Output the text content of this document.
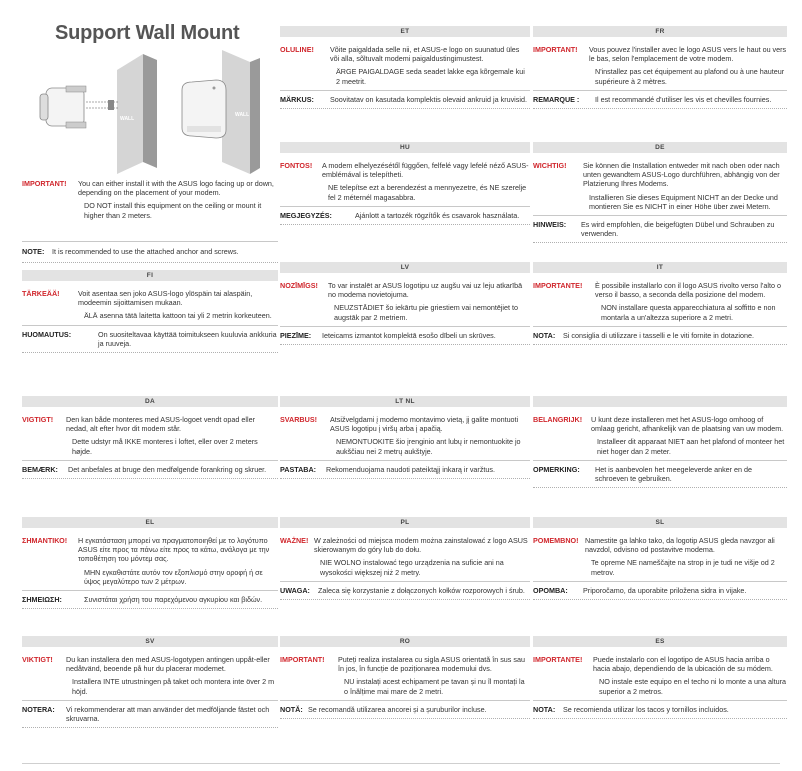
Support Wall Mount
WALL
WALL
IMPORTANT! You can either install it with the ASUS logo facing up or down, depending on the placement of your modem.

DO NOT install this equipment on the ceiling or mount it higher than 2 meters.

NOTE:	It is recommended to use the attached anchor and screws.
FI
TÄRKEÄÄ!	Voit asentaa sen joko ASUS-logo ylöspäin tai alaspäin, modeemin sijoittamisen mukaan.

ÄLÄ asenna tätä laitetta kattoon tai yli 2 metrin korkeuteen.

HUOMAUTUS:	On suositeltavaa käyttää toimitukseen kuuluvia ankkuria ja ruuveja.
ET
OLULINE! Võite paigaldada selle nii, et ASUS-e logo on suunatud üles või alla, sõltuvalt modemi paigaldustingimustest.

ÄRGE PAIGALDAGE seda seadet lakke ega kõrgemale kui 2 meetrit.

MÄRKUS:	Soovitatav on kasutada komplektis olevaid ankruid ja kruvisid.
HU
FONTOS! A modem elhelyezésétől függően, felfelé vagy lefelé néző ASUS-emblémával is telepítheti.

NE telepítse ezt a berendezést a mennyezetre, és NE szerelje fel 2 méternél magasabbra.

MEGJEGYZÉS:	Ajánlott a tartozék rögzítők és csavarok használata.
LV
NOZĪMĪGS! To var instalēt ar ASUS logotipu uz augšu vai uz leju atkarībā no modema novietojuma.

NEUZSTĀDIET šo iekārtu pie griestiem vai nemontējiet to augstāk par 2 metriem.

PIEZĪME:	Ieteicams izmantot komplektā esošo dībeli un skrūves.
FR
IMPORTANT! Vous pouvez l'installer avec le logo ASUS vers le haut ou vers le bas, selon l'emplacement de votre modem.

N'installez pas cet équipement au plafond ou à une hauteur supérieure à 2 mètres.

REMARQUE :	Il est recommandé d'utiliser les vis et chevilles fournies.
DE
WICHTIG! Sie können die Installation entweder mit nach oben oder nach unten gewandtem ASUS-Logo durchführen, abhängig von der Platzierung Ihres Modems.

Installieren Sie dieses Equipment NICHT an der Decke und montieren Sie es NICHT in einer Höhe über zwei Metern.

HINWEIS:	Es wird empfohlen, die beigefügten Dübel und Schrauben zu verwenden.
IT
IMPORTANTE! È possibile installarlo con il logo ASUS rivolto verso l'alto o verso il basso, a seconda della posizione del modem.

NON installare questa apparecchiatura al soffitto e non montarla a un'altezza superiore a 2 metri.

NOTA:	Si consiglia di utilizzare i tasselli e le viti fornite in dotazione.
DA
VIGTIGT! Den kan både monteres med ASUS-logoet vendt opad eller nedad, alt efter hvor dit modem står.

Dette udstyr må IKKE monteres i loftet, eller over 2 meters højde.

BEMÆRK:	Det anbefales at bruge den medfølgende forankring og skruer.
LT NL
SVARBUS! Atsižvelgdami į modemo montavimo vietą, jį galite montuoti ASUS logotipu į viršų arba į apačią.

NEMONTUOKITE šio įrenginio ant lubų ir nemontuokite jo aukščiau nei 2 metrų aukštyje.

PASTABA:	Rekomenduojama naudoti pateiktąjį inkarą ir varžtus.
BELANGRIJK! U kunt deze installeren met het ASUS-logo omhoog of omlaag gericht, afhankelijk van de plaatsing van uw modem.

Installeer dit apparaat NIET aan het plafond of monteer het niet hoger dan 2 meter.

OPMERKING:	Het is aanbevolen het meegeleverde anker en de schroeven te gebruiken.
EL
ΣΗΜΑΝΤΙΚΟ! Η εγκατάσταση μπορεί να πραγματοποιηθεί με το λογότυπο ASUS είτε προς τα πάνω είτε προς τα κάτω, ανάλογα με την τοποθέτηση του μόντεμ σας.

ΜΗΝ εγκαθιστάτε αυτόν τον εξοπλισμό στην οροφή ή σε ύψος μεγαλύτερο των 2 μέτρων.

ΣΗΜΕΙΩΣΗ:	Συνιστάται χρήση του παρεχόμενου αγκυρίου και βιδών.
PL
WAŻNE! W zależności od miejsca modem można zainstalować z logo ASUS skierowanym do góry lub do dołu.

NIE WOLNO instalować tego urządzenia na suficie ani na wysokości większej niż 2 metry.

UWAGA:	Zaleca się korzystanie z dołączonych kołków rozporowych i śrub.
SL
POMEMBNO! Namestite ga lahko tako, da logotip ASUS gleda navzgor ali navzdol, odvisno od postavitve modema.

Te opreme NE nameščajte na strop in je tudi ne višje od 2 metrov.

OPOMBA:	Priporočamo, da uporabite priložena sidra in vijake.
SV
VIKTIGT! Du kan installera den med ASUS-logotypen antingen uppåt-eller nedåtvänd, beoende på hur du placerar modemet.

Installera INTE utrustningen på taket och montera inte över 2 m höjd.

NOTERA:	Vi rekommenderar att man använder det medföljande fästet och skruvarna.
RO
IMPORTANT! Puteți realiza instalarea cu sigla ASUS orientată în sus sau în jos, în funcție de poziționarea modemului dvs.

NU instalați acest echipament pe tavan și nu îl montați la o înălțime mai mare de 2 metri.

NOTĂ: Se recomandă utilizarea ancorei și a șuruburilor incluse.
ES
IMPORTANTE! Puede instalarlo con el logotipo de ASUS hacia arriba o hacia abajo, dependiendo de la ubicación de su módem.

NO instale este equipo en el techo ni lo monte a una altura superior a 2 metros.

NOTA:	Se recomienda utilizar los tacos y tornillos incluidos.
